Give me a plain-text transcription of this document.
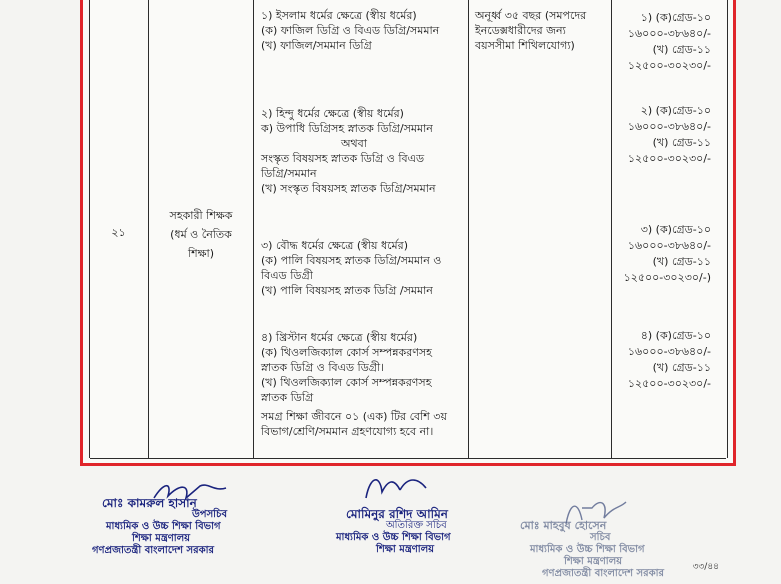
২১

সহকারী শিক্ষক

(ধর্ম ও নৈতিক

শিক্ষা)

১) ইসলাম ধর্মের ক্ষেত্রে (স্বীয় ধর্মের)

(ক) ফাজিল ডিগ্রি ও বিএড ডিগ্রি/সমমান

(খ) ফাজিল/সমমান ডিগ্রি

২) হিন্দু ধর্মের ক্ষেত্রে (স্বীয় ধর্মের)

ক) উপাধি ডিগ্রিসহ স্নাতক ডিগ্রি/সমমান

অথবা

সংস্কৃত বিষয়সহ স্নাতক ডিগ্রি ও বিএড

ডিগ্রি/সমমান

(খ) সংস্কৃত বিষয়সহ স্নাতক ডিগ্রি/সমমান

৩) বৌদ্ধ ধর্মের ক্ষেত্রে (স্বীয় ধর্মের)

(ক) পালি বিষয়সহ স্নাতক ডিগ্রি/সমমান ও

বিএড ডিগ্রী

(খ) পালি বিষয়সহ স্নাতক ডিগ্রি /সমমান

৪) খ্রিস্টান ধর্মের ক্ষেত্রে (স্বীয় ধর্মের)

(ক) থিওলজিক্যাল কোর্স সম্পন্নকরণসহ

স্নাতক ডিগ্রি ও বিএড ডিগ্রী।

(খ) থিওলজিক্যাল কোর্স সম্পন্নকরণসহ

স্নাতক ডিগ্রি

সমগ্র শিক্ষা জীবনে ০১ (এক) টির বেশি ৩য়

বিভাগ/শ্রেণি/সমমান গ্রহণযোগ্য হবে না।

অনূর্ধ্ব ৩৫ বছর (সমপদের

ইনডেক্সধারীদের জন্য

বয়সসীমা শিথিলযোগ্য)

১) (ক)গ্রেড-১০

১৬০০০-৩৮৬৪০/-

(খ) গ্রেড-১১

১২৫০০-৩০২৩০/-

২) (ক)গ্রেড-১০

১৬০০০-৩৮৬৪০/-

(খ) গ্রেড-১১

১২৫০০-৩০২৩০/-

৩) (ক)গ্রেড-১০

১৬০০০-৩৮৬৪০/-

(খ) গ্রেড-১১

১২৫০০-৩০২৩০/-)

৪) (ক)গ্রেড-১০

১৬০০০-৩৮৬৪০/-

(খ) গ্রেড-১১

১২৫০০-৩০২৩০/-

মোঃ কামরুল হাসান

উপসচিব

মাধ্যমিক ও উচ্চ শিক্ষা বিভাগ

শিক্ষা মন্ত্রণালয়

গণপ্রজাতন্ত্রী বাংলাদেশ সরকার

মোমিনুর রশিদ আমিন

অতিরিক্ত সচিব

মাধ্যমিক ও উচ্চ শিক্ষা বিভাগ

শিক্ষা মন্ত্রণালয়

মোঃ মাহবুব হোসেন

সচিব

মাধ্যমিক ও উচ্চ শিক্ষা বিভাগ

শিক্ষা মন্ত্রণালয়

গণপ্রজাতন্ত্রী বাংলাদেশ সরকার

৩৩/৪৪
